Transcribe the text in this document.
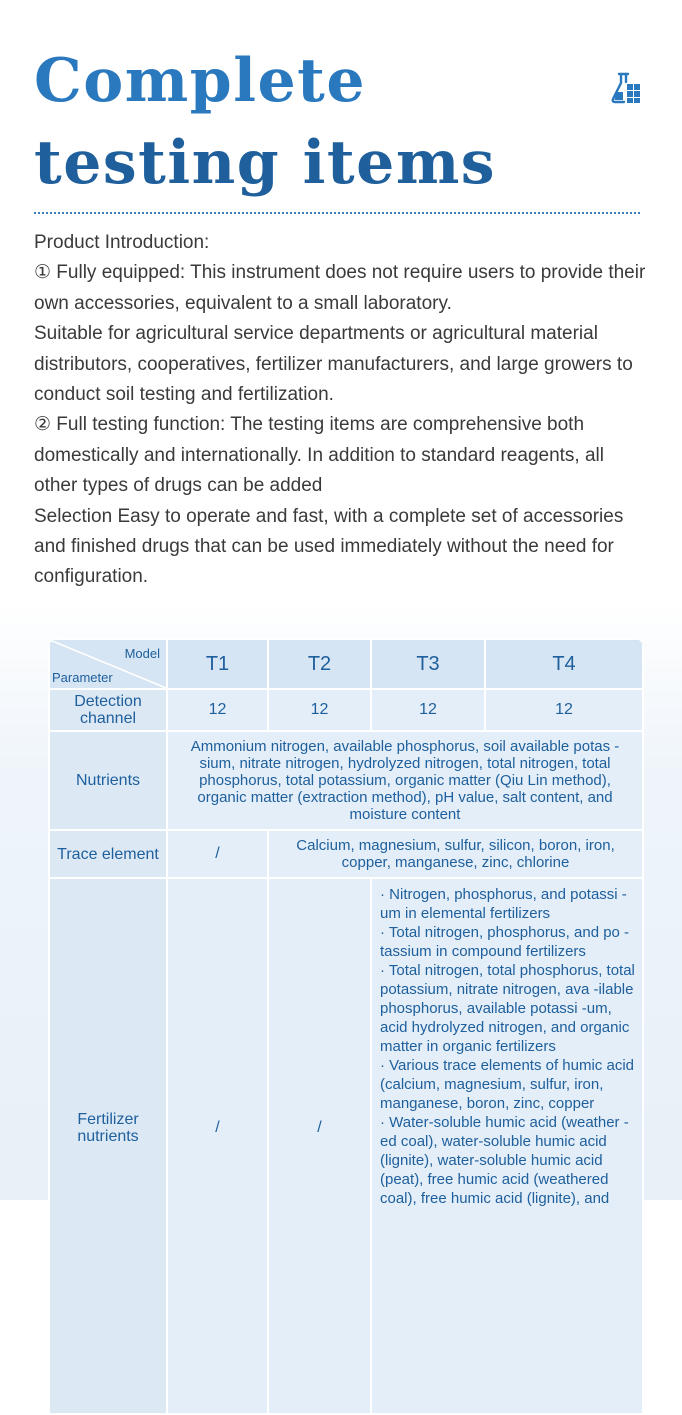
Complete
testing items

Product Introduction:

① Fully equipped: This instrument does not require users to provide their own accessories, equivalent to a small laboratory.

Suitable for agricultural service departments or agricultural material distributors, cooperatives, fertilizer manufacturers, and large growers to conduct soil testing and fertilization.

② Full testing function: The testing items are comprehensive both domestically and internationally. In addition to standard reagents, all other types of drugs can be added

Selection Easy to operate and fast, with a complete set of accessories and finished drugs that can be used immediately without the need for configuration.

Model
Parameter	T1	T2	T3	T4
Detection channel	12	12	12	12
Nutrients	Ammonium nitrogen, available phosphorus, soil available potas -sium, nitrate nitrogen, hydrolyzed nitrogen, total nitrogen, total phosphorus, total potassium, organic matter (Qiu Lin method), organic matter (extraction method), pH value, salt content, and moisture content			
Trace element	/	Calcium, magnesium, sulfur, silicon, boron, iron, copper, manganese, zinc, chlorine		
Fertilizer nutrients	/	/	· Nitrogen, phosphorus, and potassi -um in elemental fertilizers
· Total nitrogen, phosphorus, and po -tassium in compound fertilizers
· Total nitrogen, total phosphorus, total potassium, nitrate nitrogen, ava -ilable phosphorus, available potassi -um, acid hydrolyzed nitrogen, and organic matter in organic fertilizers
· Various trace elements of humic acid (calcium, magnesium, sulfur, iron, manganese, boron, zinc, copper
· Water-soluble humic acid (weather -ed coal), water-soluble humic acid (lignite), water-soluble humic acid (peat), free humic acid (weathered coal), free humic acid (lignite), and	
